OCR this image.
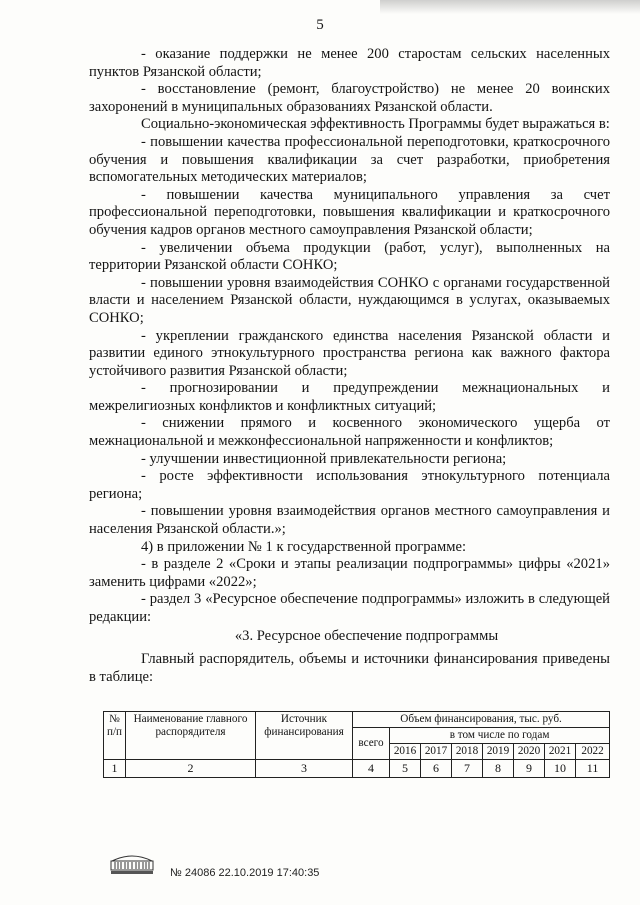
5

- оказание поддержки не менее 200 старостам сельских населенных пунктов Рязанской области;

- восстановление (ремонт, благоустройство) не менее 20 воинских захоронений в муниципальных образованиях Рязанской области.

Социально-экономическая эффективность Программы будет выражаться в:

- повышении качества профессиональной переподготовки, краткосрочного обучения и повышения квалификации за счет разработки, приобретения вспомогательных методических материалов;

- повышении качества муниципального управления за счет профессиональной переподготовки, повышения квалификации и краткосрочного обучения кадров органов местного самоуправления Рязанской области;

- увеличении объема продукции (работ, услуг), выполненных на территории Рязанской области СОНКО;

- повышении уровня взаимодействия СОНКО с органами государственной власти и населением Рязанской области, нуждающимся в услугах, оказываемых СОНКО;

- укреплении гражданского единства населения Рязанской области и развитии единого этнокультурного пространства региона как важного фактора устойчивого развития Рязанской области;

- прогнозировании и предупреждении межнациональных и межрелигиозных конфликтов и конфликтных ситуаций;

- снижении прямого и косвенного экономического ущерба от межнациональной и межконфессиональной напряженности и конфликтов;

- улучшении инвестиционной привлекательности региона;

- росте эффективности использования этнокультурного потенциала региона;

- повышении уровня взаимодействия органов местного самоуправления и населения Рязанской области.»;

4) в приложении № 1 к государственной программе:

- в разделе 2 «Сроки и этапы реализации подпрограммы» цифры «2021» заменить цифрами «2022»;

- раздел 3 «Ресурсное обеспечение подпрограммы» изложить в следующей редакции:

«3. Ресурсное обеспечение подпрограммы

Главный распорядитель, объемы и источники финансирования приведены в таблице:

№ п/п	Наименование главного распорядителя	Источник финансирования	Объем финансирования, тыс. руб.							
			всего	в том числе по годам						
				2016	2017	2018	2019	2020	2021	2022
1	2	3	4	5	6	7	8	9	10	11
№ 24086 22.10.2019 17:40:35
